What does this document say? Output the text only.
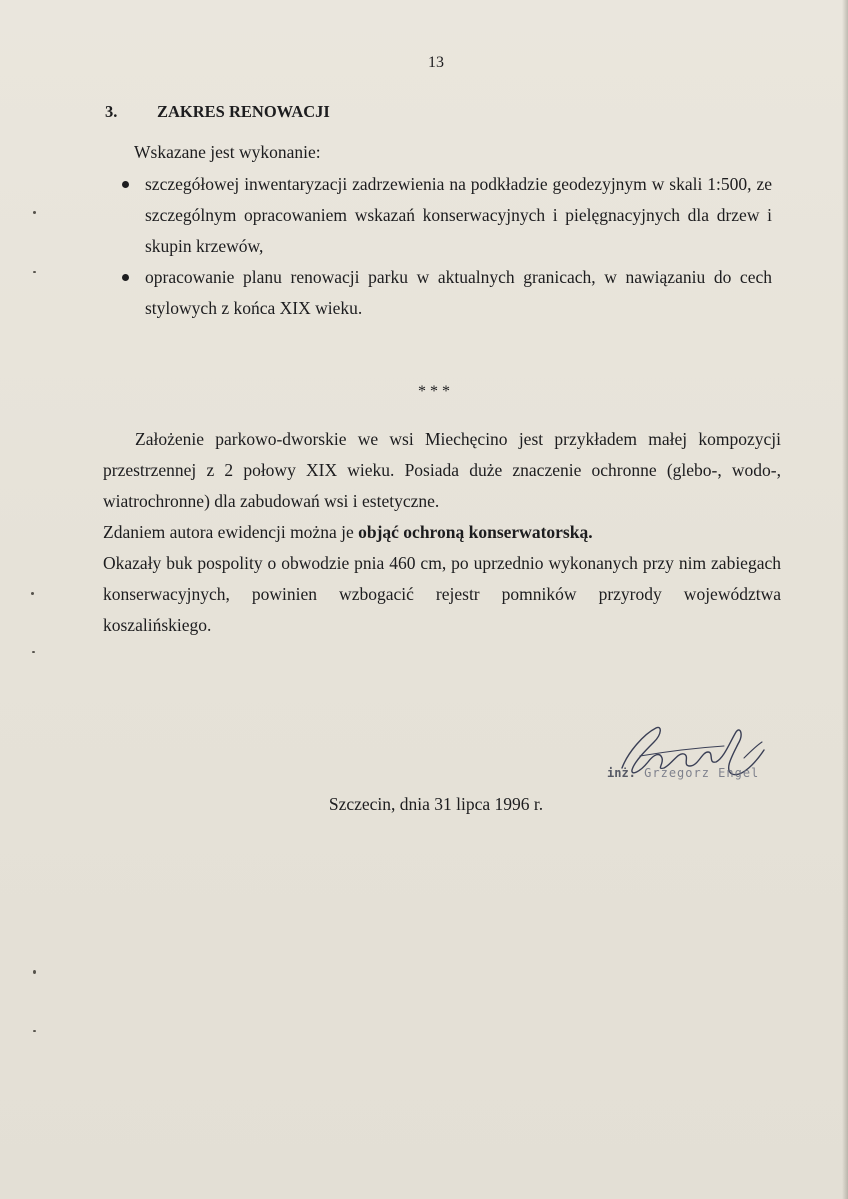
13
3. ZAKRES RENOWACJI
Wskazane jest wykonanie:
szczegółowej inwentaryzacji zadrzewienia na podkładzie geodezyjnym w skali 1:500, ze szczególnym opracowaniem wskazań konserwacyjnych i pielęgnacyjnych dla drzew i skupin krzewów,
opracowanie planu renowacji parku w aktualnych granicach, w nawiązaniu do cech stylowych z końca XIX wieku.
***

Założenie parkowo-dworskie we wsi Miechęcino jest przykładem małej kompozycji przestrzennej z 2 połowy XIX wieku. Posiada duże znaczenie ochronne (glebo-, wodo-, wiatrochronne) dla zabudowań wsi i estetyczne.

Zdaniem autora ewidencji można je objąć ochroną konserwatorską.

Okazały buk pospolity o obwodzie pnia 460 cm, po uprzednio wykonanych przy nim zabiegach konserwacyjnych, powinien wzbogacić rejestr pomników przyrody województwa koszalińskiego.

inż. Grzegorz Engel
Szczecin, dnia 31 lipca 1996 r.
